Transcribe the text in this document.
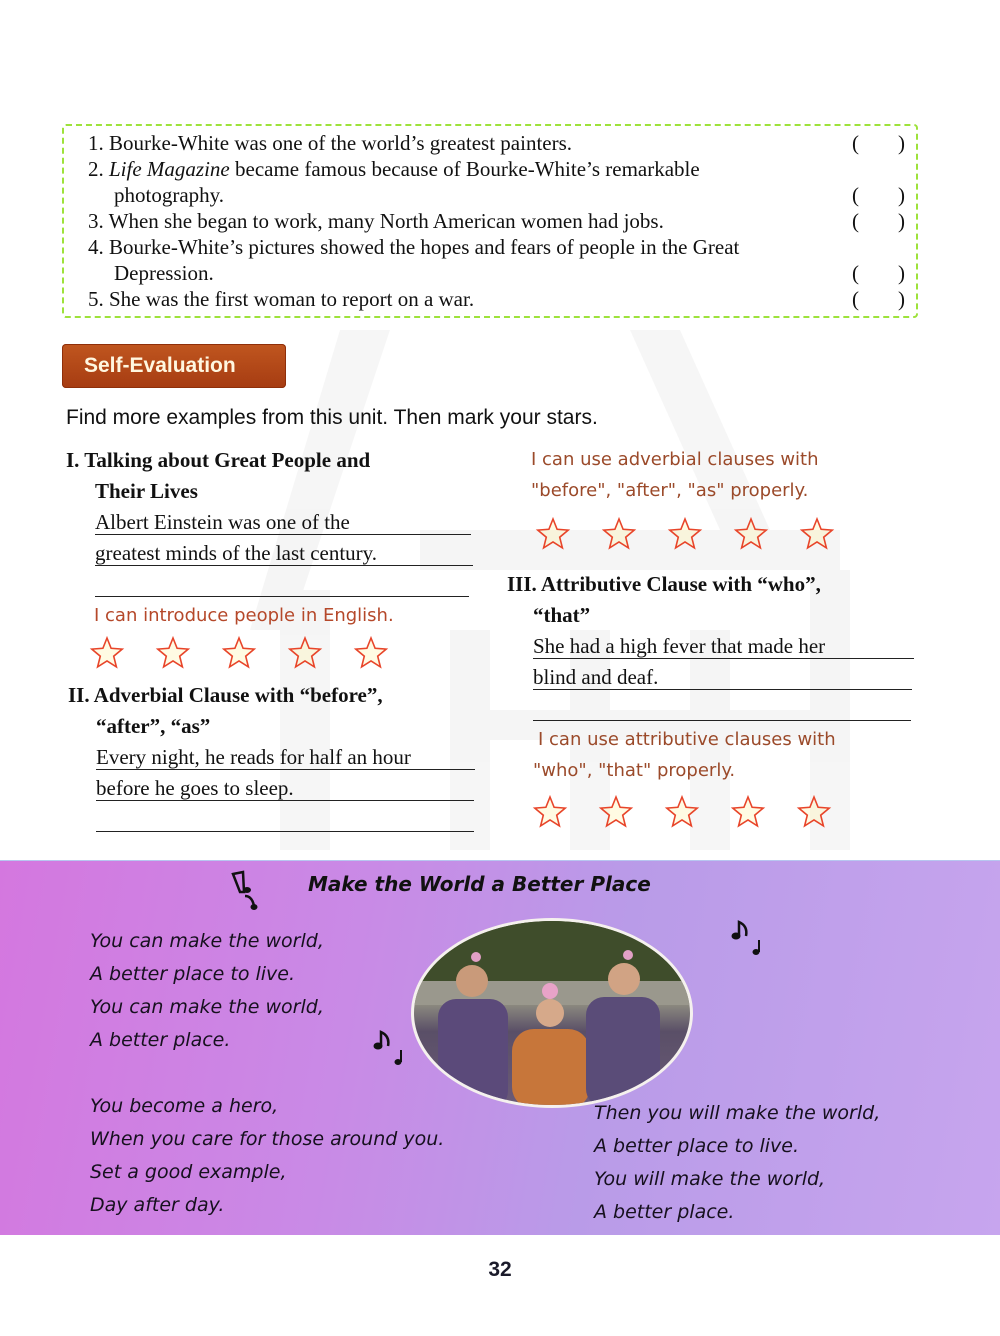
1. Bourke-White was one of the world’s greatest painters.	( )
2. Life Magazine became famous because of Bourke-White’s remarkable
photography.	( )
3. When she began to work, many North American women had jobs.	( )
4. Bourke-White’s pictures showed the hopes and fears of people in the Great
Depression.	( )
5. She was the first woman to report on a war.	( )
Self-Evaluation
Find more examples from this unit. Then mark your stars.
I. Talking about Great People and
Their Lives
Albert Einstein was one of the
greatest minds of the last century.
I can introduce people in English.
II. Adverbial Clause with “before”,
“after”, “as”
Every night, he reads for half an hour
before he goes to sleep.
I can use adverbial clauses with
"before", "after", "as" properly.
III. Attributive Clause with “who”,
“that”
She had a high fever that made her
blind and deaf.
I can use attributive clauses with
"who", "that" properly.
Make the World a Better Place
You can make the world,
A better place to live.
You can make the world,
A better place.
You become a hero,
When you care for those around you.
Set a good example,
Day after day.
Then you will make the world,
A better place to live.
You will make the world,
A better place.
32
